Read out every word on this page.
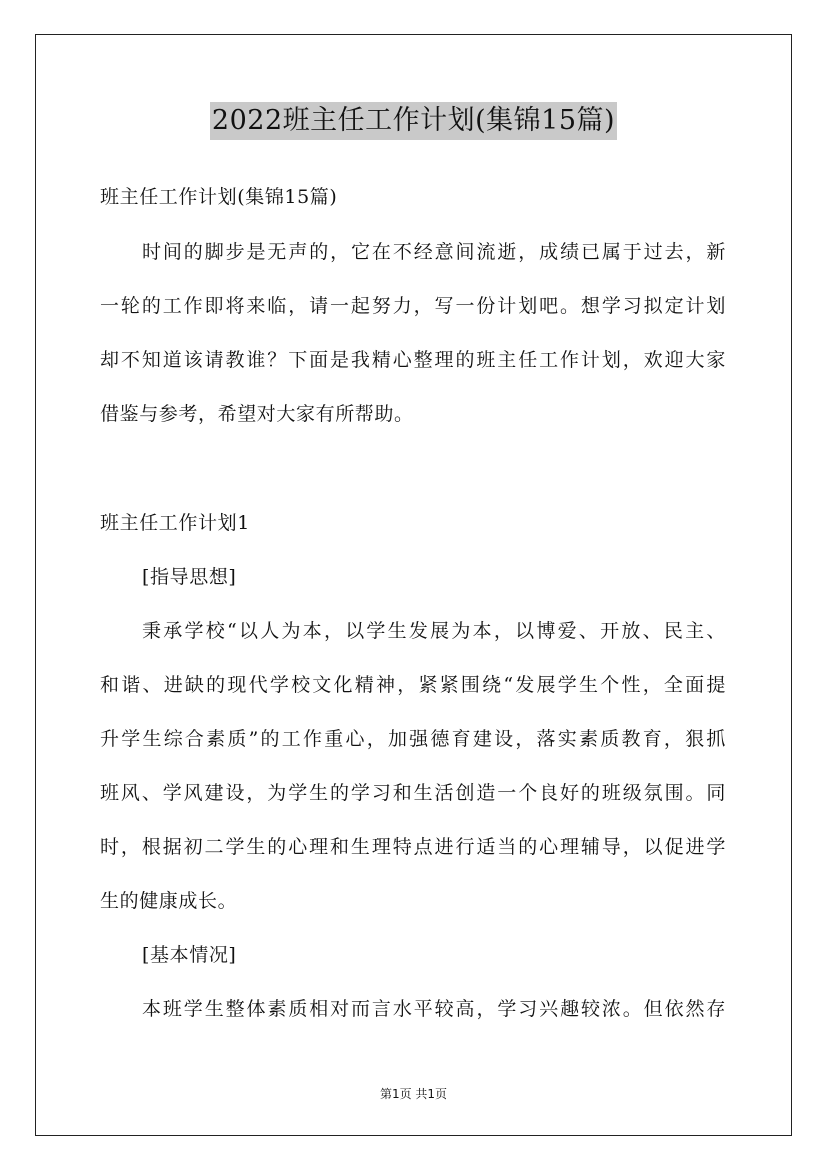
2022班主任工作计划(集锦15篇)
班主任工作计划(集锦15篇)
时间的脚步是无声的，它在不经意间流逝，成绩已属于过去，新
一轮的工作即将来临，请一起努力，写一份计划吧。想学习拟定计划
却不知道该请教谁？下面是我精心整理的班主任工作计划，欢迎大家
借鉴与参考，希望对大家有所帮助。
班主任工作计划1
[指导思想]
秉承学校“以人为本，以学生发展为本，以博爱、开放、民主、
和谐、进缺的现代学校文化精神，紧紧围绕“发展学生个性，全面提
升学生综合素质”的工作重心，加强德育建设，落实素质教育，狠抓
班风、学风建设，为学生的学习和生活创造一个良好的班级氛围。同
时，根据初二学生的心理和生理特点进行适当的心理辅导，以促进学
生的健康成长。
[基本情况]
本班学生整体素质相对而言水平较高，学习兴趣较浓。但依然存
第1页 共1页
